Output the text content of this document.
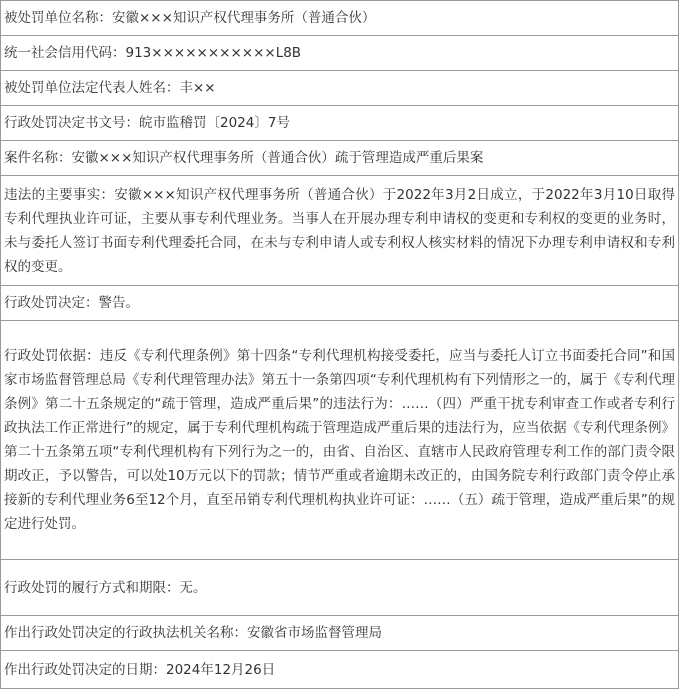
被处罚单位名称：安徽×××知识产权代理事务所（普通合伙）
统一社会信用代码：913×××××××××××L8B
被处罚单位法定代表人姓名：丰××
行政处罚决定书文号：皖市监稽罚〔2024〕7号
案件名称：安徽×××知识产权代理事务所（普通合伙）疏于管理造成严重后果案
违法的主要事实：安徽×××知识产权代理事务所（普通合伙）于2022年3月2日成立，于2022年3月10日取得专利代理执业许可证，主要从事专利代理业务。当事人在开展办理专利申请权的变更和专利权的变更的业务时，未与委托人签订书面专利代理委托合同，在未与专利申请人或专利权人核实材料的情况下办理专利申请权和专利权的变更。
行政处罚决定：警告。
行政处罚依据：违反《专利代理条例》第十四条“专利代理机构接受委托，应当与委托人订立书面委托合同”和国家市场监督管理总局《专利代理管理办法》第五十一条第四项“专利代理机构有下列情形之一的，属于《专利代理条例》第二十五条规定的“疏于管理，造成严重后果”的违法行为：……（四）严重干扰专利审查工作或者专利行政执法工作正常进行”的规定，属于专利代理机构疏于管理造成严重后果的违法行为，应当依据《专利代理条例》第二十五条第五项“专利代理机构有下列行为之一的，由省、自治区、直辖市人民政府管理专利工作的部门责令限期改正，予以警告，可以处10万元以下的罚款；情节严重或者逾期未改正的，由国务院专利行政部门责令停止承接新的专利代理业务6至12个月，直至吊销专利代理机构执业许可证：……（五）疏于管理，造成严重后果”的规定进行处罚。
行政处罚的履行方式和期限：无。
作出行政处罚决定的行政执法机关名称：安徽省市场监督管理局
作出行政处罚决定的日期：2024年12月26日
